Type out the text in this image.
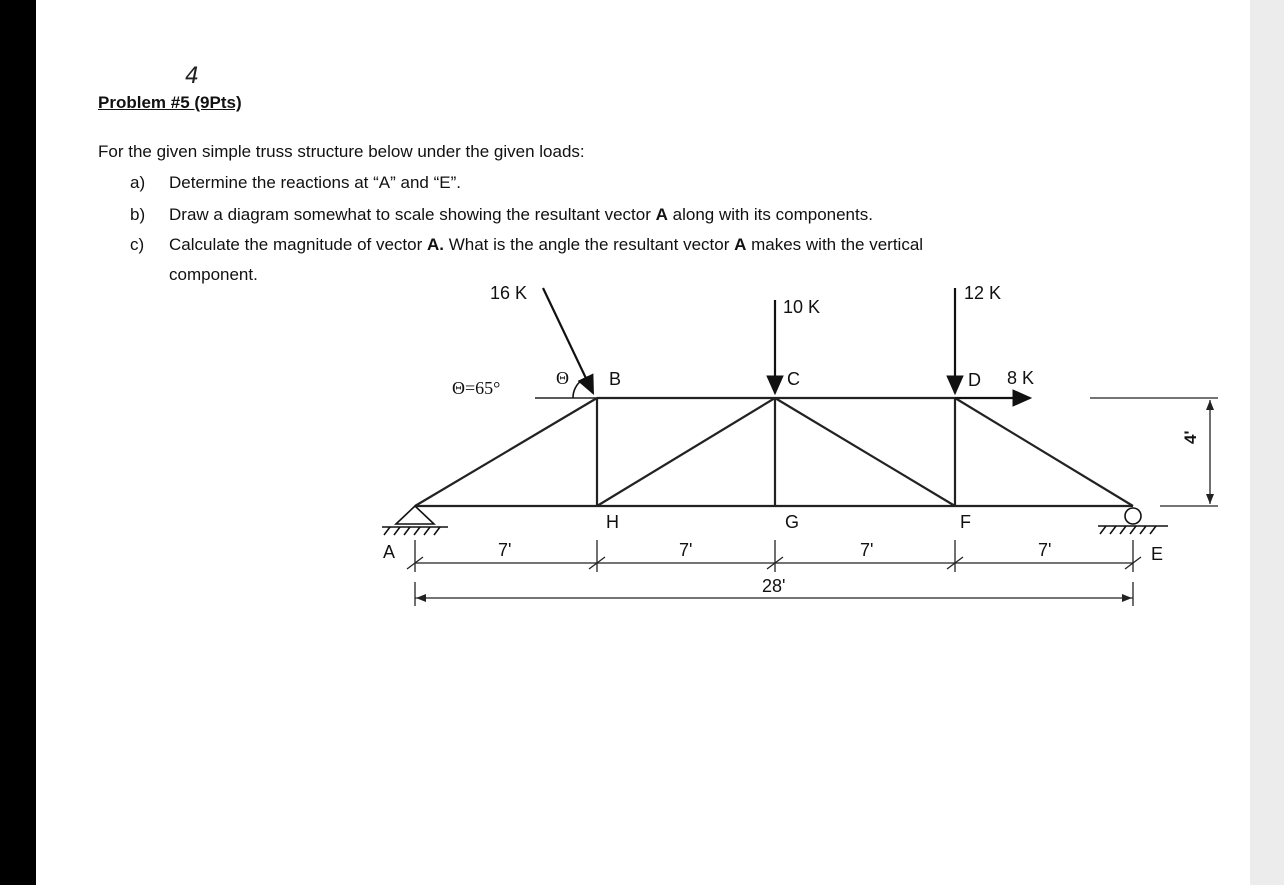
4
Problem #5 (9Pts)
For the given simple truss structure below under the given loads:
a) Determine the reactions at “A” and “E”.
b) Draw a diagram somewhat to scale showing the resultant vector A along with its components.
c) Calculate the magnitude of vector A. What is the angle the resultant vector A makes with the vertical
component.
16 K
10 K
12 K
8 K
Θ=65°	Θ B	C	D
A	E
F
G
H
7'	7'	7'	7'
28'
4'
